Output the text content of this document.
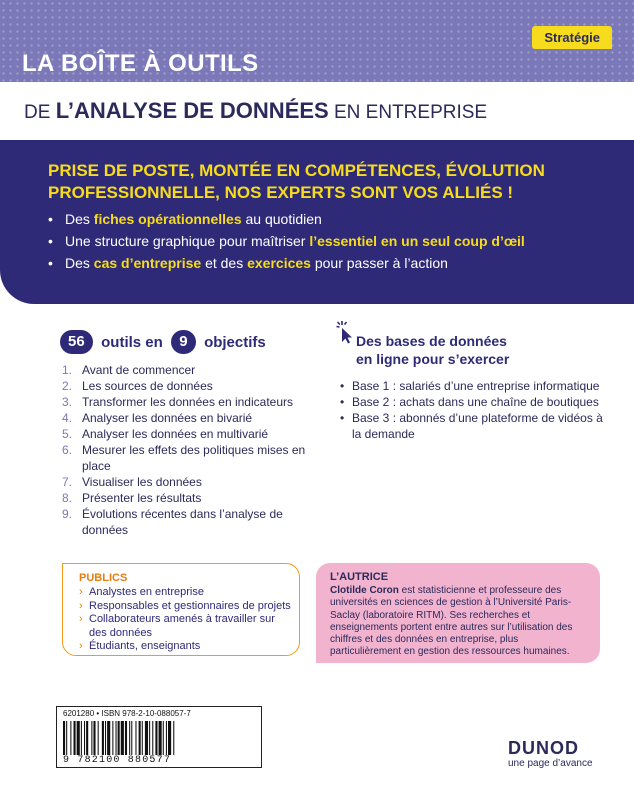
LA BOÎTE À OUTILS
Stratégie
DE L’ANALYSE DE DONNÉES EN ENTREPRISE
PRISE DE POSTE, MONTÉE EN COMPÉTENCES, ÉVOLUTION PROFESSIONNELLE, NOS EXPERTS SONT VOS ALLIÉS !
• Des fiches opérationnelles au quotidien
• Une structure graphique pour maîtriser l’essentiel en un seul coup d’œil
• Des cas d’entreprise et des exercices pour passer à l’action
56 outils en 9 objectifs
1. Avant de commencer
2. Les sources de données
3. Transformer les données en indicateurs
4. Analyser les données en bivarié
5. Analyser les données en multivarié
6. Mesurer les effets des politiques mises en place
7. Visualiser les données
8. Présenter les résultats
9. Évolutions récentes dans l’analyse de données
Des bases de données
en ligne pour s’exercer
• Base 1 : salariés d’une entreprise informatique
• Base 2 : achats dans une chaîne de boutiques
• Base 3 : abonnés d’une plateforme de vidéos à la demande
PUBLICS
› Analystes en entreprise
› Responsables et gestionnaires de projets
› Collaborateurs amenés à travailler sur des données
› Étudiants, enseignants
L’AUTRICE
Clotilde Coron est statisticienne et professeure des universités en sciences de gestion à l’Université Paris-Saclay (laboratoire RITM). Ses recherches et enseignements portent entre autres sur l’utilisation des chiffres et des données en entreprise, plus particulièrement en gestion des ressources humaines.
6201280 • ISBN 978-2-10-088057-7
9 782100 880577
DUNOD
une page d’avance
